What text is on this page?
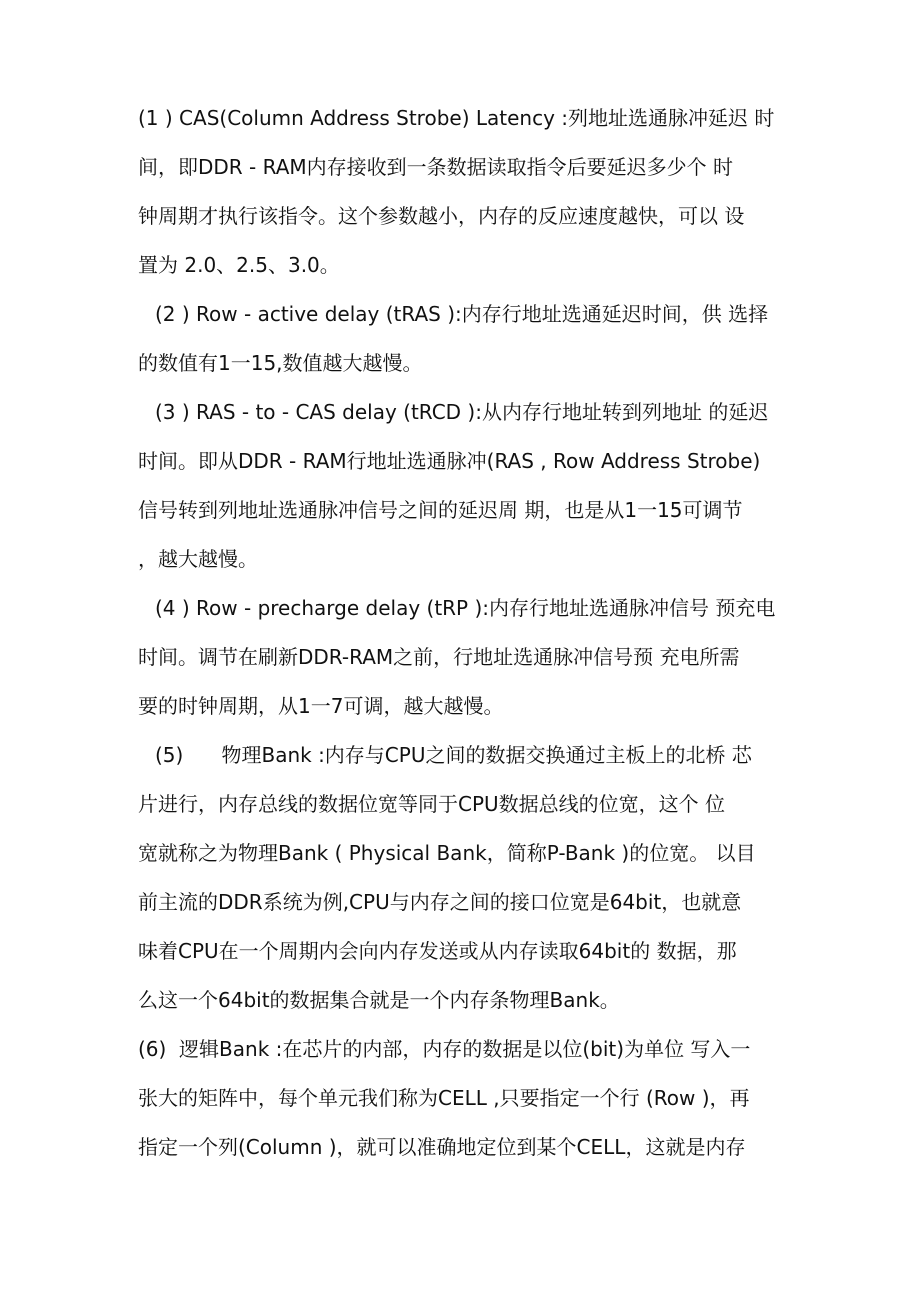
(1 ) CAS(Column Address Strobe) Latency :列地址选通脉冲延迟 时
间，即DDR - RAM内存接收到一条数据读取指令后要延迟多少个 时
钟周期才执行该指令。这个参数越小，内存的反应速度越快，可以 设
置为 2.0、2.5、3.0。
(2 ) Row - active delay (tRAS ):内存行地址选通延迟时间，供 选择
的数值有1一15,数值越大越慢。
(3 ) RAS - to - CAS delay (tRCD ):从内存行地址转到列地址 的延迟
时间。即从DDR - RAM行地址选通脉冲(RAS , Row Address Strobe)
信号转到列地址选通脉冲信号之间的延迟周 期，也是从1一15可调节
，越大越慢。
(4 ) Row - precharge delay (tRP ):内存行地址选通脉冲信号 预充电
时间。调节在刷新DDR-RAM之前，行地址选通脉冲信号预 充电所需
要的时钟周期，从1一7可调，越大越慢。
(5)      物理Bank :内存与CPU之间的数据交换通过主板上的北桥 芯
片进行，内存总线的数据位宽等同于CPU数据总线的位宽，这个 位
宽就称之为物理Bank ( Physical Bank，简称P-Bank )的位宽。 以目
前主流的DDR系统为例,CPU与内存之间的接口位宽是64bit，也就意
味着CPU在一个周期内会向内存发送或从内存读取64bit的 数据，那
么这一个64bit的数据集合就是一个内存条物理Bank。
(6)  逻辑Bank :在芯片的内部，内存的数据是以位(bit)为单位 写入一
张大的矩阵中，每个单元我们称为CELL ,只要指定一个行 (Row )，再
指定一个列(Column )，就可以准确地定位到某个CELL，这就是内存
